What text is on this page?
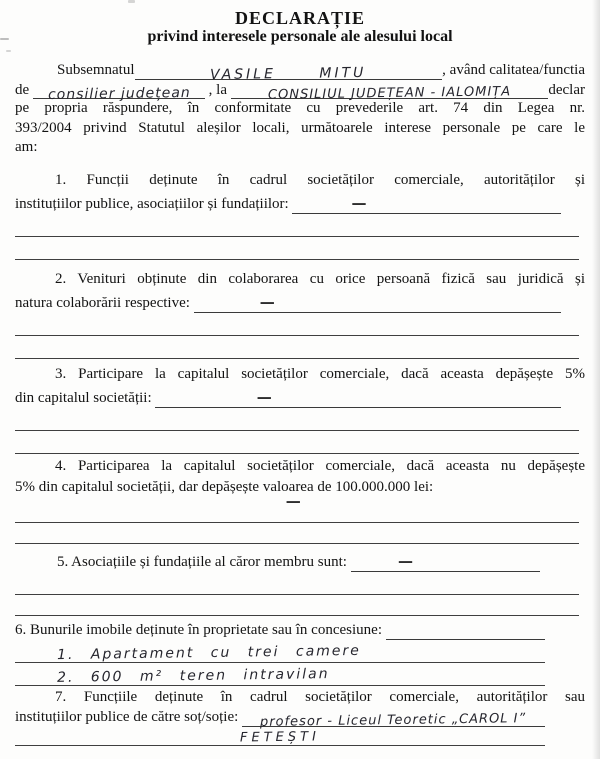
DECLARAȚIE
privind interesele personale ale alesului local
Subsemnatul	VASILE MITU	, având calitatea/functia
de consilier județean , la	CONSILIUL JUDEȚEAN - IALOMIȚA declar
pe propria răspundere, în conformitate cu prevederile art. 74 din Legea nr.
393/2004 privind Statutul aleșilor locali, următoarele interese personale pe care le
am:
1. Funcții deținute în cadrul societăților comerciale, autorităților și
instituțiilor publice, asociațiilor și fundațiilor:	—
2. Venituri obținute din colaborarea cu orice persoană fizică sau juridică și
natura colaborării respective:	—
3. Participare la capitalul societăților comerciale, dacă aceasta depășește 5%
din capitalul societății:	—
4. Participarea la capitalul societăților comerciale, dacă aceasta nu depășește
5% din capitalul societății, dar depășește valoarea de 100.000.000 lei:
—
5. Asociațiile și fundațiile al căror membru sunt:	—
6. Bunurile imobile deținute în proprietate sau în concesiune:
1. Apartament cu trei camere
2. 600 m² teren intravilan
7. Funcțiile deținute în cadrul societăților comerciale, autorităților sau
instituțiilor publice de către soț/soție: profesor - Liceul Teoretic „CAROL I”
FETEȘTI
